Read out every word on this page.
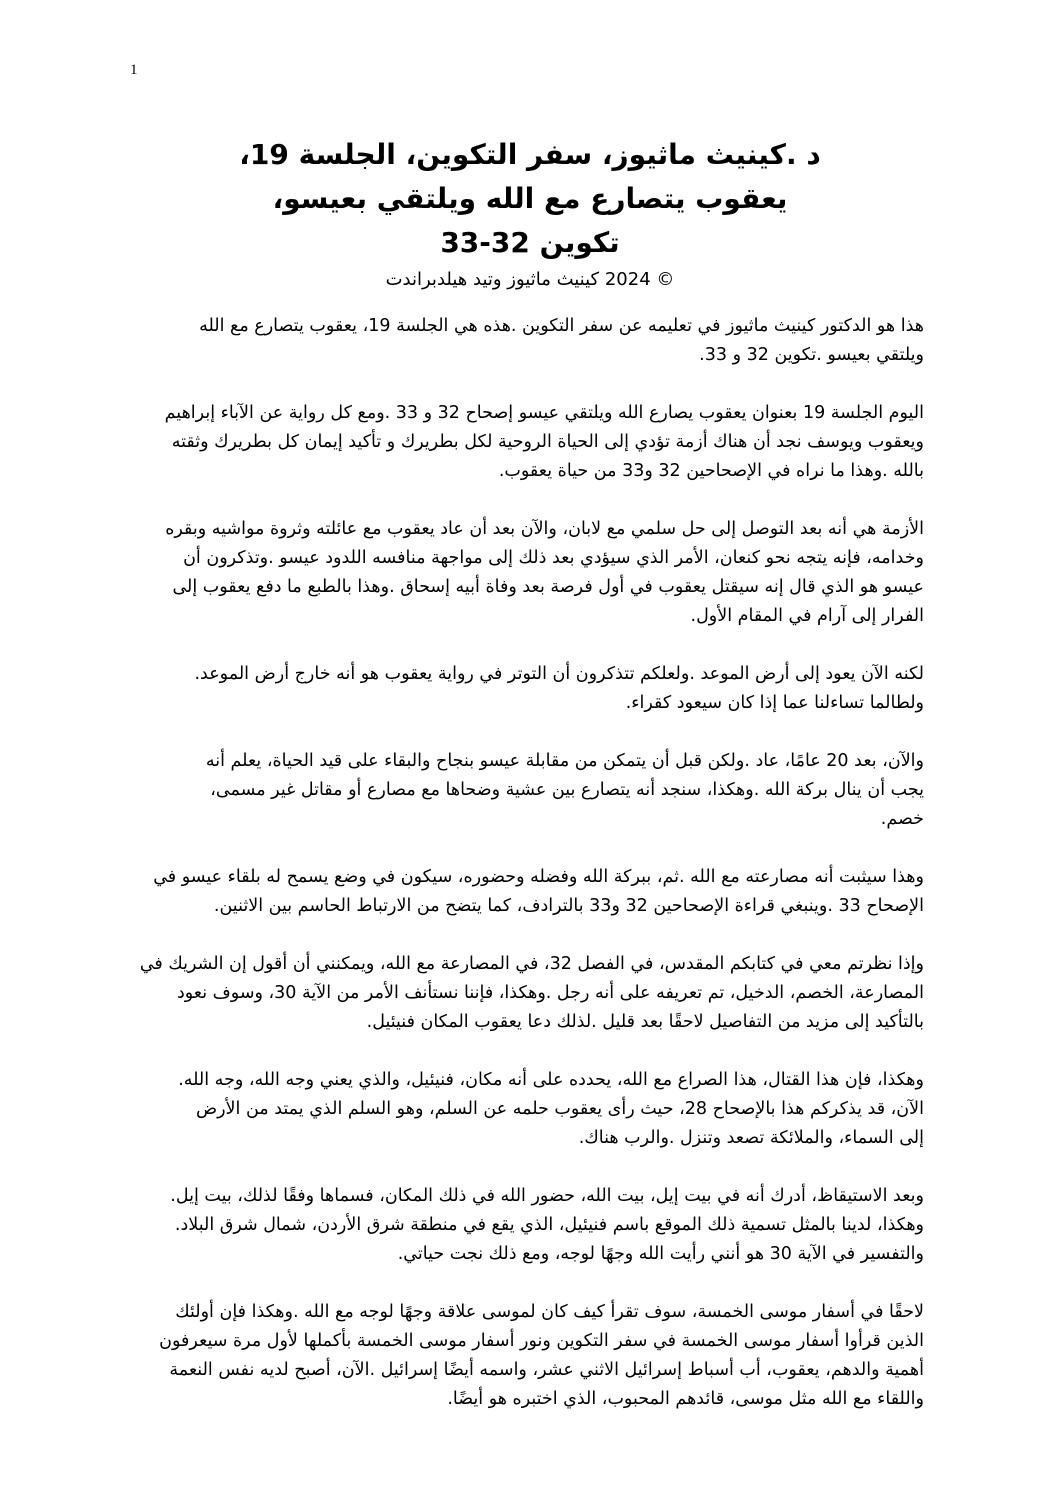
1
د .كينيث ماثيوز، سفر التكوين، الجلسة 19،
يعقوب يتصارع مع الله ويلتقي بعيسو،
تكوين 32-33
© 2024 كينيث ماثيوز وتيد هيلدبراندت
هذا هو الدكتور كينيث ماثيوز في تعليمه عن سفر التكوين .هذه هي الجلسة 19، يعقوب يتصارع مع الله
ويلتقي بعيسو .تكوين 32 و 33.
اليوم الجلسة 19 بعنوان يعقوب يصارع الله ويلتقي عيسو إصحاح 32 و 33 .ومع كل رواية عن الآباء إبراهيم
ويعقوب ويوسف نجد أن هناك أزمة تؤدي إلى الحياة الروحية لكل بطريرك و تأكيد إيمان كل بطريرك وثقته
بالله .وهذا ما نراه في الإصحاحين 32 و33 من حياة يعقوب.
الأزمة هي أنه بعد التوصل إلى حل سلمي مع لابان، والآن بعد أن عاد يعقوب مع عائلته وثروة مواشيه وبقره
وخدامه، فإنه يتجه نحو كنعان، الأمر الذي سيؤدي بعد ذلك إلى مواجهة منافسه اللدود عيسو .وتذكرون أن
عيسو هو الذي قال إنه سيقتل يعقوب في أول فرصة بعد وفاة أبيه إسحاق .وهذا بالطبع ما دفع يعقوب إلى
الفرار إلى آرام في المقام الأول.
لكنه الآن يعود إلى أرض الموعد .ولعلكم تتذكرون أن التوتر في رواية يعقوب هو أنه خارج أرض الموعد.
ولطالما تساءلنا عما إذا كان سيعود كقراء.
والآن، بعد 20 عامًا، عاد .ولكن قبل أن يتمكن من مقابلة عيسو بنجاح والبقاء على قيد الحياة، يعلم أنه
يجب أن ينال بركة الله .وهكذا، سنجد أنه يتصارع بين عشية وضحاها مع مصارع أو مقاتل غير مسمى،
خصم.
وهذا سيثبت أنه مصارعته مع الله .ثم، ببركة الله وفضله وحضوره، سيكون في وضع يسمح له بلقاء عيسو في
الإصحاح 33 .وينبغي قراءة الإصحاحين 32 و33 بالترادف، كما يتضح من الارتباط الحاسم بين الاثنين.
وإذا نظرتم معي في كتابكم المقدس، في الفصل 32، في المصارعة مع الله، ويمكنني أن أقول إن الشريك في
المصارعة، الخصم، الدخيل، تم تعريفه على أنه رجل .وهكذا، فإننا نستأنف الأمر من الآية 30، وسوف نعود
بالتأكيد إلى مزيد من التفاصيل لاحقًا بعد قليل .لذلك دعا يعقوب المكان فنيئيل.
وهكذا، فإن هذا القتال، هذا الصراع مع الله، يحدده على أنه مكان، فنيئيل، والذي يعني وجه الله، وجه الله.
الآن، قد يذكركم هذا بالإصحاح 28، حيث رأى يعقوب حلمه عن السلم، وهو السلم الذي يمتد من الأرض
إلى السماء، والملائكة تصعد وتنزل .والرب هناك.
وبعد الاستيقاظ، أدرك أنه في بيت إيل، بيت الله، حضور الله في ذلك المكان، فسماها وفقًا لذلك، بيت إيل.
وهكذا، لدينا بالمثل تسمية ذلك الموقع باسم فنيئيل، الذي يقع في منطقة شرق الأردن، شمال شرق البلاد.
والتفسير في الآية 30 هو أنني رأيت الله وجهًا لوجه، ومع ذلك نجت حياتي.
لاحقًا في أسفار موسى الخمسة، سوف تقرأ كيف كان لموسى علاقة وجهًا لوجه مع الله .وهكذا فإن أولئك
الذين قرأوا أسفار موسى الخمسة في سفر التكوين ونور أسفار موسى الخمسة بأكملها لأول مرة سيعرفون
أهمية والدهم، يعقوب، أب أسباط إسرائيل الاثني عشر، واسمه أيضًا إسرائيل .الآن، أصبح لديه نفس النعمة
واللقاء مع الله مثل موسى، قائدهم المحبوب، الذي اختبره هو أيضًا.
